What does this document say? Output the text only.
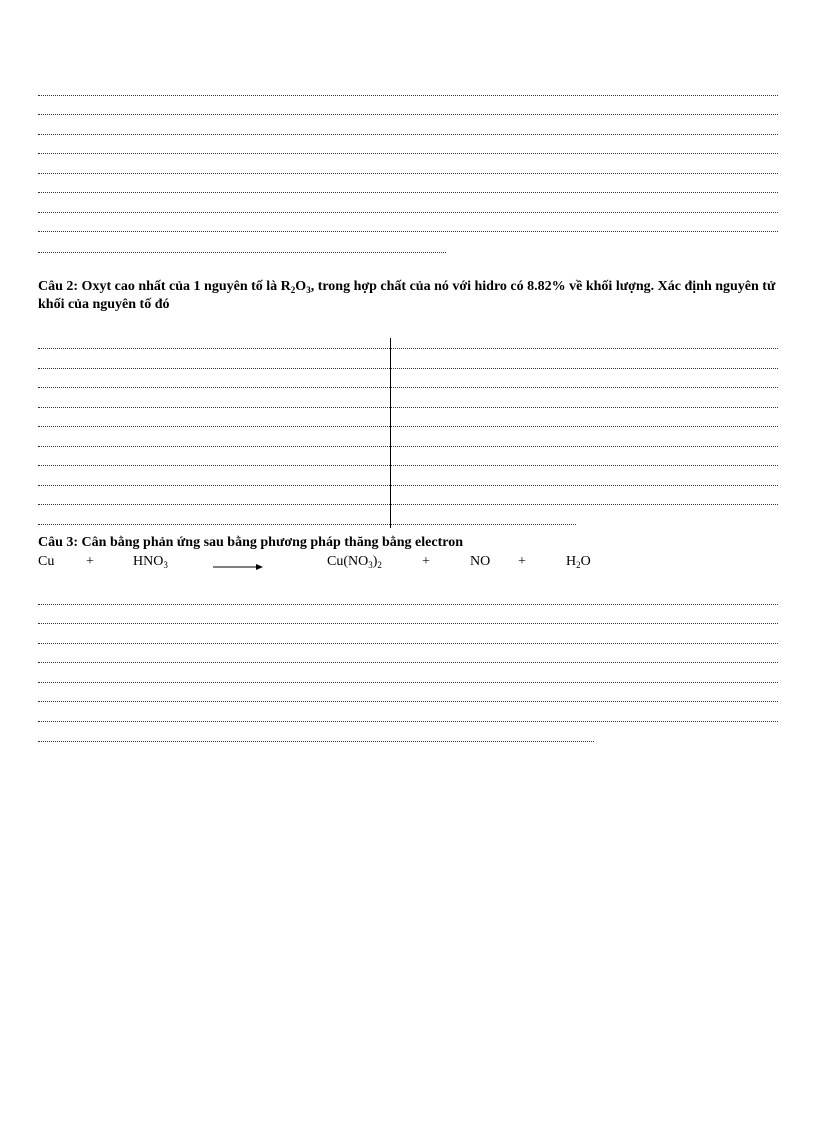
Câu 2: Oxyt cao nhất của 1 nguyên tố là $R_2O_3$, trong hợp chất của nó với hidro có 8.82% về khối lượng. Xác định nguyên tử khối của nguyên tố đó
Câu 3: Cân bằng phản ứng sau bằng phương pháp thăng bằng electron
Cu +	$HNO_3$	$Cu(NO_3)_2$	+	NO +	$H_2O$
